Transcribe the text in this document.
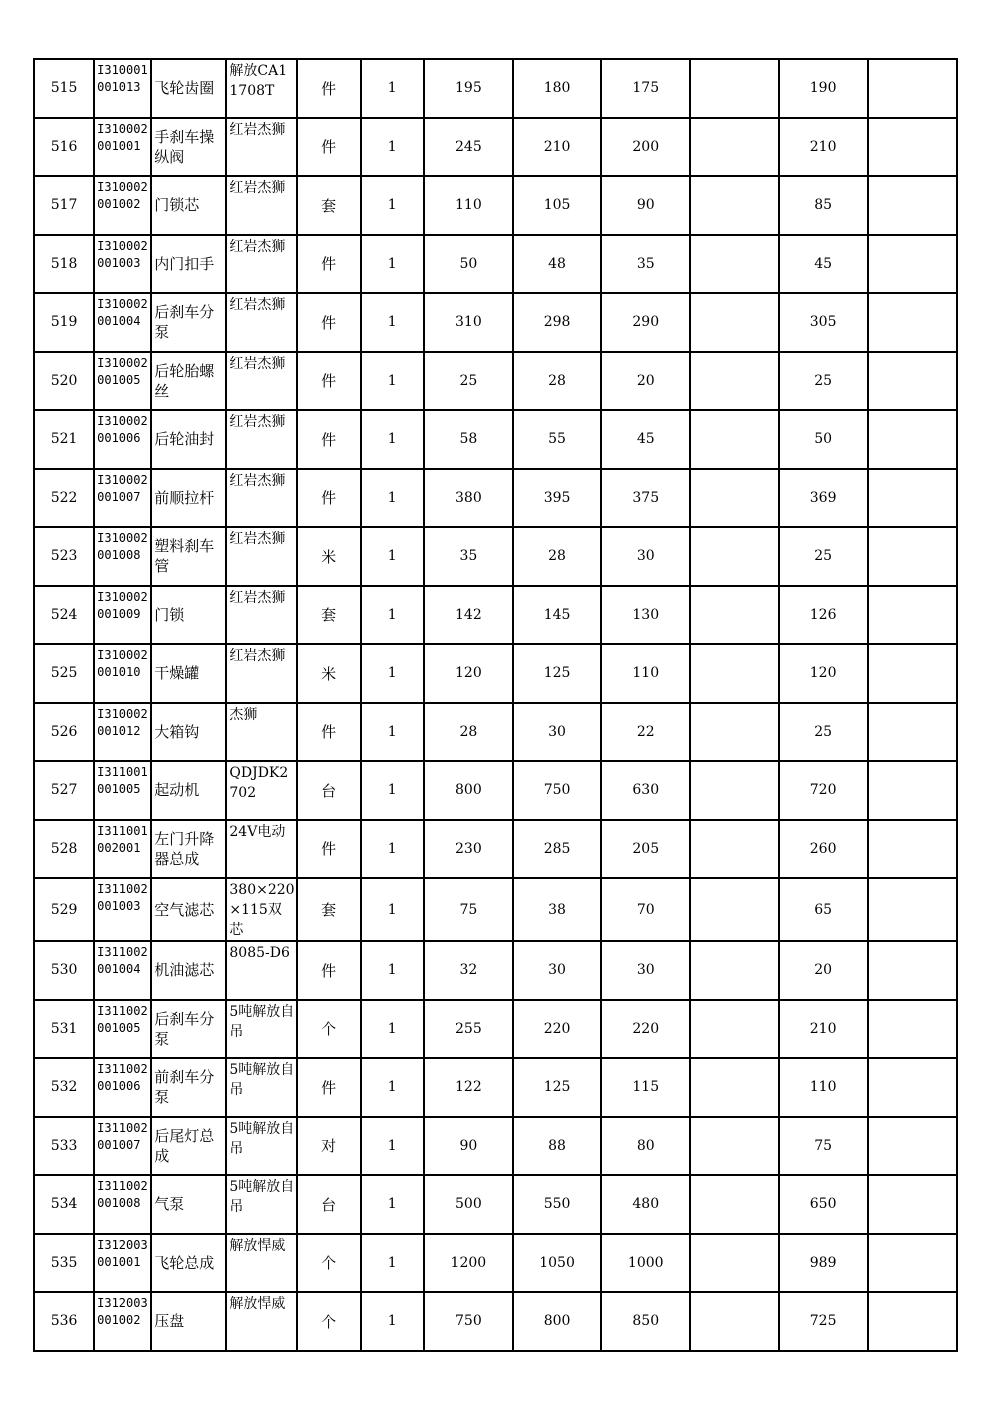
515	I310001001013	飞轮齿圈	解放CA11708T	件	1	195	180	175		190	
516	I310002001001	手刹车操纵阀	红岩杰狮	件	1	245	210	200		210	
517	I310002001002	门锁芯	红岩杰狮	套	1	110	105	90		85	
518	I310002001003	内门扣手	红岩杰狮	件	1	50	48	35		45	
519	I310002001004	后刹车分泵	红岩杰狮	件	1	310	298	290		305	
520	I310002001005	后轮胎螺丝	红岩杰狮	件	1	25	28	20		25	
521	I310002001006	后轮油封	红岩杰狮	件	1	58	55	45		50	
522	I310002001007	前顺拉杆	红岩杰狮	件	1	380	395	375		369	
523	I310002001008	塑料刹车管	红岩杰狮	米	1	35	28	30		25	
524	I310002001009	门锁	红岩杰狮	套	1	142	145	130		126	
525	I310002001010	干燥罐	红岩杰狮	米	1	120	125	110		120	
526	I310002001012	大箱钩	杰狮	件	1	28	30	22		25	
527	I311001001005	起动机	QDJDK2702	台	1	800	750	630		720	
528	I311001002001	左门升降器总成	24V电动	件	1	230	285	205		260	
529	I311002001003	空气滤芯	380×220×115双芯	套	1	75	38	70		65	
530	I311002001004	机油滤芯	8085-D6	件	1	32	30	30		20	
531	I311002001005	后刹车分泵	5吨解放自吊	个	1	255	220	220		210	
532	I311002001006	前刹车分泵	5吨解放自吊	件	1	122	125	115		110	
533	I311002001007	后尾灯总成	5吨解放自吊	对	1	90	88	80		75	
534	I311002001008	气泵	5吨解放自吊	台	1	500	550	480		650	
535	I312003001001	飞轮总成	解放悍威	个	1	1200	1050	1000		989	
536	I312003001002	压盘	解放悍威	个	1	750	800	850		725	
